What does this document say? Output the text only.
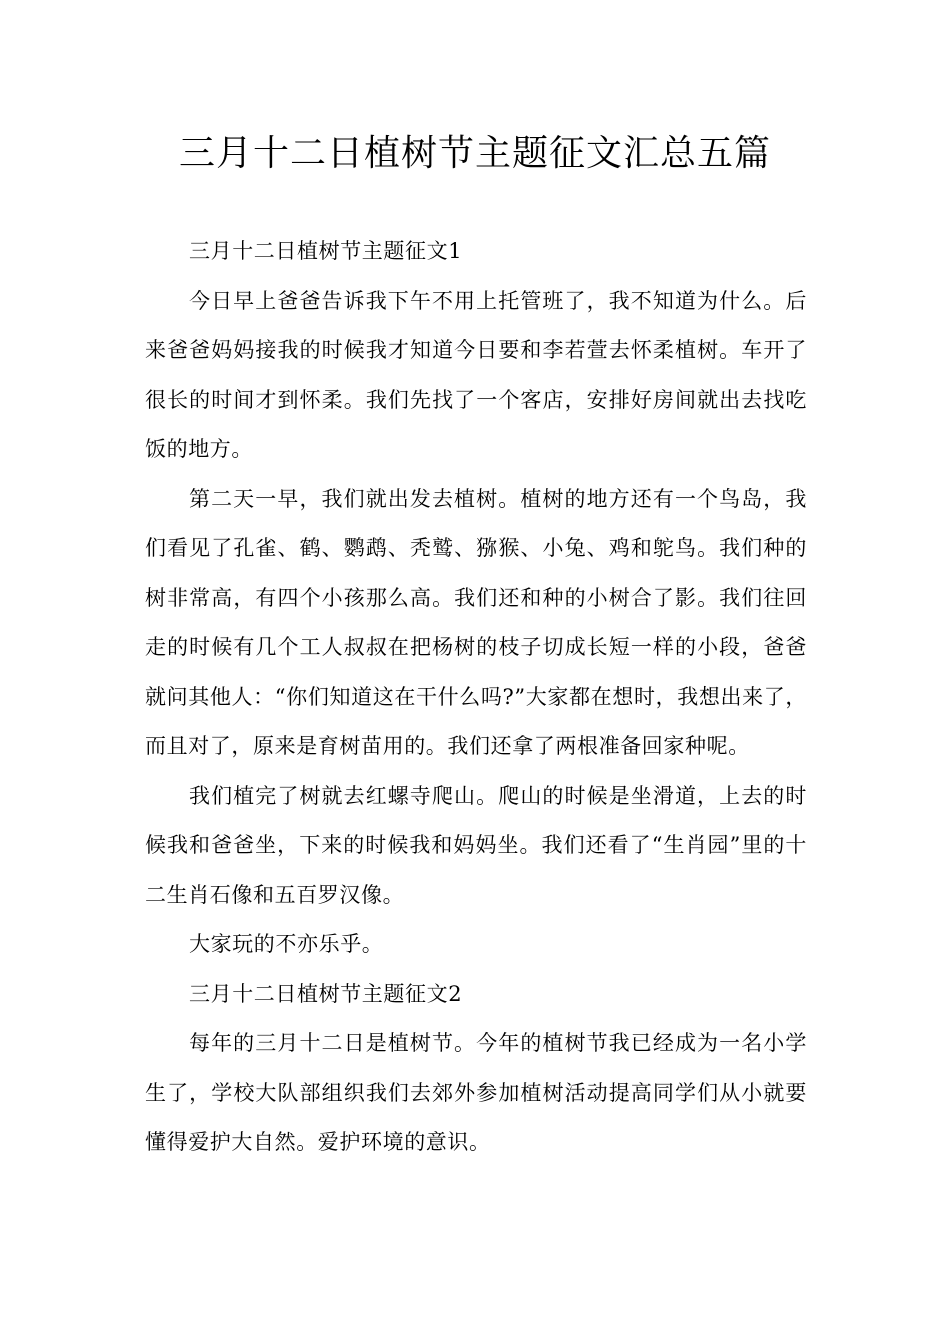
三月十二日植树节主题征文汇总五篇

三月十二日植树节主题征文1

今日早上爸爸告诉我下午不用上托管班了，我不知道为什么。后来爸爸妈妈接我的时候我才知道今日要和李若萱去怀柔植树。车开了很长的时间才到怀柔。我们先找了一个客店，安排好房间就出去找吃饭的地方。

第二天一早，我们就出发去植树。植树的地方还有一个鸟岛，我们看见了孔雀、鹤、鹦鹉、秃鹫、猕猴、小兔、鸡和鸵鸟。我们种的树非常高，有四个小孩那么高。我们还和种的小树合了影。我们往回走的时候有几个工人叔叔在把杨树的枝子切成长短一样的小段，爸爸就问其他人：“你们知道这在干什么吗?”大家都在想时，我想出来了，而且对了，原来是育树苗用的。我们还拿了两根准备回家种呢。

我们植完了树就去红螺寺爬山。爬山的时候是坐滑道，上去的时候我和爸爸坐，下来的时候我和妈妈坐。我们还看了“生肖园”里的十二生肖石像和五百罗汉像。

大家玩的不亦乐乎。

三月十二日植树节主题征文2

每年的三月十二日是植树节。今年的植树节我已经成为一名小学生了，学校大队部组织我们去郊外参加植树活动提高同学们从小就要懂得爱护大自然。爱护环境的意识。
